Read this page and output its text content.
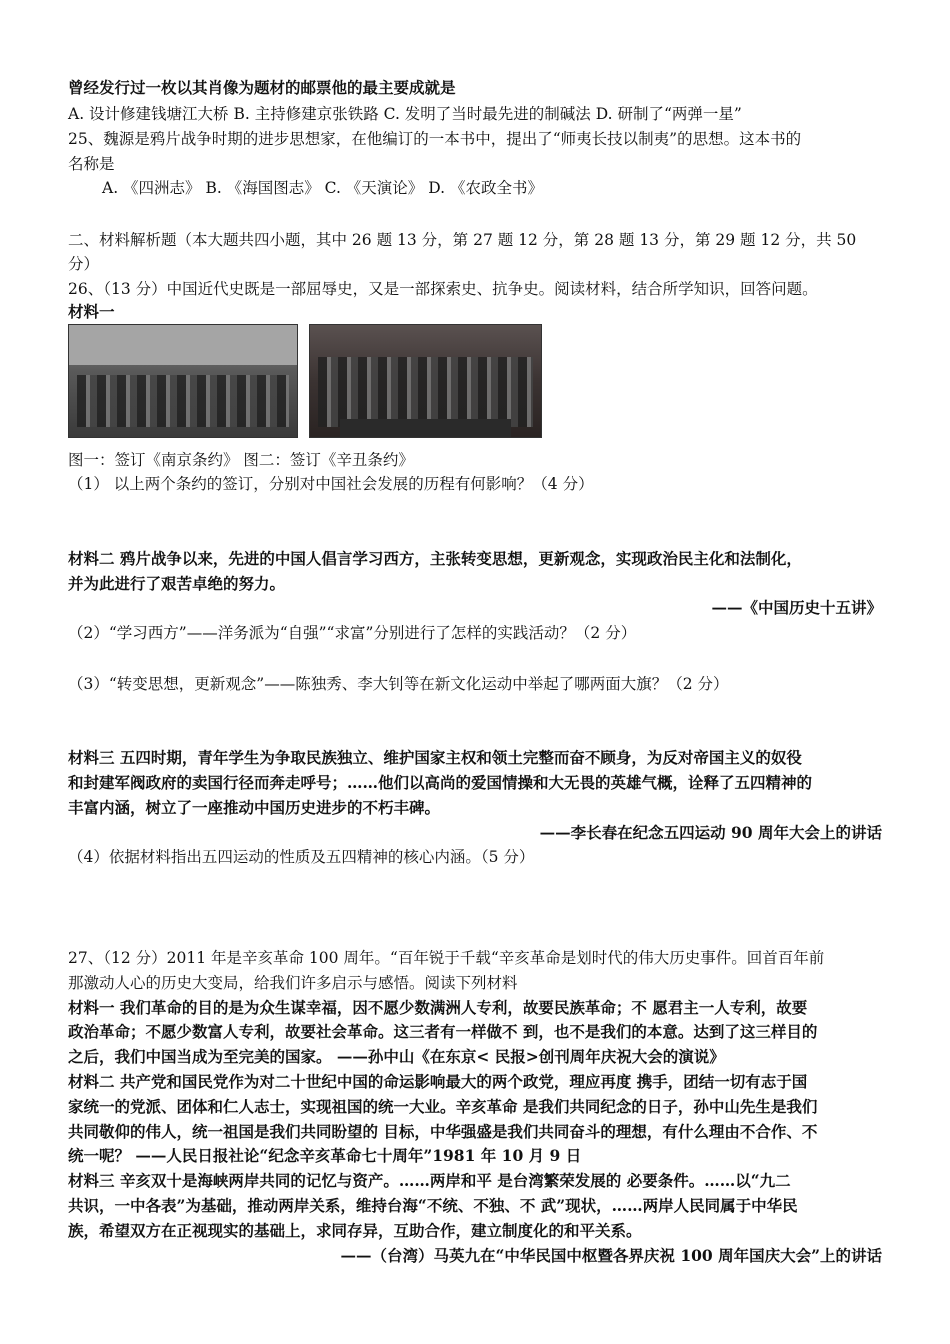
曾经发行过一枚以其肖像为题材的邮票他的最主要成就是
A. 设计修建钱塘江大桥 B. 主持修建京张铁路 C. 发明了当时最先进的制碱法 D. 研制了“两弹一星”
25、魏源是鸦片战争时期的进步思想家，在他编订的一本书中，提出了“师夷长技以制夷”的思想。这本书的
名称是
A. 《四洲志》 B. 《海国图志》 C. 《天演论》 D. 《农政全书》
二、材料解析题（本大题共四小题，其中 26 题 13 分，第 27 题 12 分，第 28 题 13 分，第 29 题 12 分，共 50
分）
26、（13 分）中国近代史既是一部屈辱史，又是一部探索史、抗争史。阅读材料，结合所学知识，回答问题。
材料一
图一：签订《南京条约》 图二：签订《辛丑条约》
（1） 以上两个条约的签订，分别对中国社会发展的历程有何影响？（4 分）
材料二 鸦片战争以来，先进的中国人倡言学习西方，主张转变思想，更新观念，实现政治民主化和法制化，
并为此进行了艰苦卓绝的努力。
——《中国历史十五讲》
（2）“学习西方”——洋务派为“自强”“求富”分别进行了怎样的实践活动？（2 分）
（3）“转变思想，更新观念”——陈独秀、李大钊等在新文化运动中举起了哪两面大旗？（2 分）
材料三 五四时期，青年学生为争取民族独立、维护国家主权和领土完整而奋不顾身，为反对帝国主义的奴役
和封建军阀政府的卖国行径而奔走呼号；……他们以高尚的爱国情操和大无畏的英雄气概，诠释了五四精神的
丰富内涵，树立了一座推动中国历史进步的不朽丰碑。
——李长春在纪念五四运动 90 周年大会上的讲话
（4）依据材料指出五四运动的性质及五四精神的核心内涵。（5 分）
27、（12 分）2011 年是辛亥革命 100 周年。“百年锐于千载“辛亥革命是划时代的伟大历史事件。回首百年前
那激动人心的历史大变局，给我们许多启示与感悟。阅读下列材料
材料一 我们革命的目的是为众生谋幸福，因不愿少数满洲人专利，故要民族革命；不 愿君主一人专利，故要
政治革命；不愿少数富人专利，故要社会革命。这三者有一样做不 到，也不是我们的本意。达到了这三样目的
之后，我们中国当成为至完美的国家。 ——孙中山《在东京< 民报>创刊周年庆祝大会的演说》
材料二 共产党和国民党作为对二十世纪中国的命运影响最大的两个政党，理应再度 携手，团结一切有志于国
家统一的党派、团体和仁人志士，实现祖国的统一大业。辛亥革命 是我们共同纪念的日子，孙中山先生是我们
共同敬仰的伟人，统一祖国是我们共同盼望的 目标，中华强盛是我们共同奋斗的理想，有什么理由不合作、不
统一呢？ ——人民日报社论“纪念辛亥革命七十周年”1981 年 10 月 9 日
材料三 辛亥双十是海峡两岸共同的记忆与资产。……两岸和平 是台湾繁荣发展的 必要条件。……以“九二
共识，一中各表”为基础，推动两岸关系，维持台海“不统、不独、不 武”现状，……两岸人民同属于中华民
族，希望双方在正视现实的基础上，求同存异，互助合作，建立制度化的和平关系。
——（台湾）马英九在“中华民国中枢暨各界庆祝 100 周年国庆大会”上的讲话
